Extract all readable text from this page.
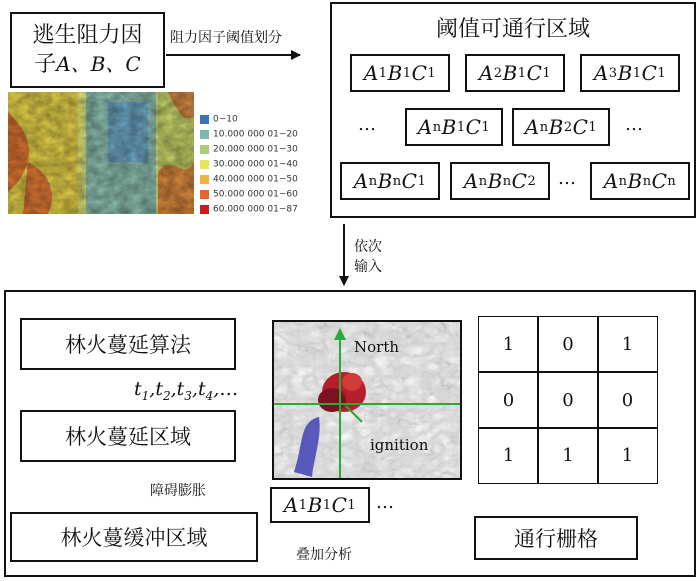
逃生阻力因
子A、B、C
0~10
10.000 000 01~20
20.000 000 01~30
30.000 000 01~40
40.000 000 01~50
50.000 000 01~60
60.000 000 01~87
阻力因子阈值划分	阈值可通行区域
A 1 B 1 C 1	A 2 B 1 C 1	A 3 B 1 C 1
…	A n B 1 C 1	A n B 2 C 1 …
A n B n C 1	A n B n C 2 …	A n B n C n
依次
输入
林火蔓延算法
$t_1,t_2,t_3,t_4,\dots$
林火蔓延区域
障碍膨胀
林火蔓缓冲区域
A 1 B 1 C 1 …
叠加分析
通行栅格
North
ignition
1	0	1
0	0	0
1	1	1
